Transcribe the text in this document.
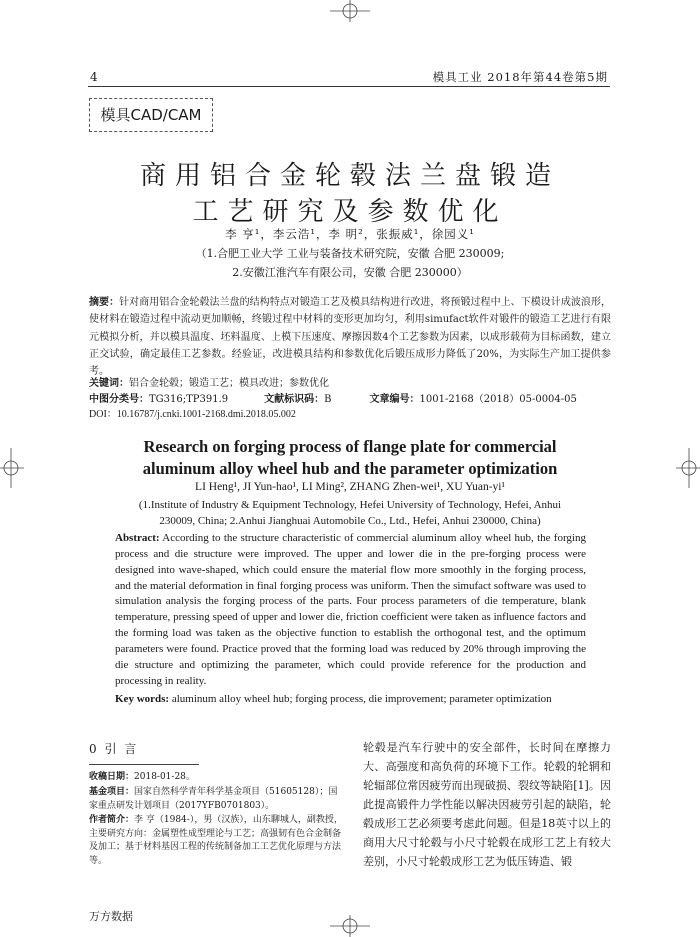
4	模具工业 2018年第44卷第5期
模具CAD/CAM
商用铝合金轮毂法兰盘锻造
工艺研究及参数优化
李 亨¹，李云浩¹，李 明²，张振威¹，徐园义¹
（1.合肥工业大学 工业与装备技术研究院，安徽 合肥 230009;
2.安徽江淮汽车有限公司，安徽 合肥 230000）
摘要：针对商用铝合金轮毂法兰盘的结构特点对锻造工艺及模具结构进行改进，将预锻过程中上、下模设计成波浪形，使材料在锻造过程中流动更加顺畅，终锻过程中材料的变形更加均匀，利用simufact软件对锻件的锻造工艺进行有限元模拟分析，并以模具温度、坯料温度、上模下压速度、摩擦因数4个工艺参数为因素，以成形载荷为目标函数，建立正交试验，确定最佳工艺参数。经验证，改进模具结构和参数优化后锻压成形力降低了20%，为实际生产加工提供参考。
关键词：铝合金轮毂；锻造工艺；模具改进；参数优化
中图分类号：TG316;TP391.9	文献标识码：B	文章编号：1001-2168（2018）05-0004-05
DOI：10.16787/j.cnki.1001-2168.dmi.2018.05.002
Research on forging process of flange plate for commercial
aluminum alloy wheel hub and the parameter optimization
LI Heng¹, JI Yun-hao¹, LI Ming², ZHANG Zhen-wei¹, XU Yuan-yi¹
(1.Institute of Industry & Equipment Technology, Hefei University of Technology, Hefei, Anhui
230009, China; 2.Anhui Jianghuai Automobile Co., Ltd., Hefei, Anhui 230000, China)
Abstract: According to the structure characteristic of commercial aluminum alloy wheel hub, the forging process and die structure were improved. The upper and lower die in the pre-forging process were designed into wave-shaped, which could ensure the material flow more smoothly in the forging process, and the material deformation in final forging process was uniform. Then the simufact software was used to simulation analysis the forging process of the parts. Four process parameters of die temperature, blank temperature, pressing speed of upper and lower die, friction coefficient were taken as influence factors and the forming load was taken as the objective function to establish the orthogonal test, and the optimum parameters were found. Practice proved that the forming load was reduced by 20% through improving the die structure and optimizing the parameter, which could provide reference for the production and processing in reality.
Key words: aluminum alloy wheel hub; forging process, die improvement; parameter optimization
0 引 言
收稿日期：2018-01-28。
基金项目：国家自然科学青年科学基金项目（51605128）；国家重点研发计划项目（2017YFB0701803）。
作者简介：李 亨（1984-），男（汉族），山东聊城人，副教授，主要研究方向：金属塑性成型理论与工艺；高强韧有色合金制备及加工；基于材料基因工程的传统制备加工工艺优化原理与方法等。
轮毂是汽车行驶中的安全部件，长时间在摩擦力大、高强度和高负荷的环境下工作。轮毂的轮辋和轮辐部位常因疲劳而出现破损、裂纹等缺陷[1]。因此提高锻件力学性能以解决因疲劳引起的缺陷，轮毂成形工艺必须要考虑此问题。但是18英寸以上的商用大尺寸轮毂与小尺寸轮毂在成形工艺上有较大差别，小尺寸轮毂成形工艺为低压铸造、锻
万方数据
